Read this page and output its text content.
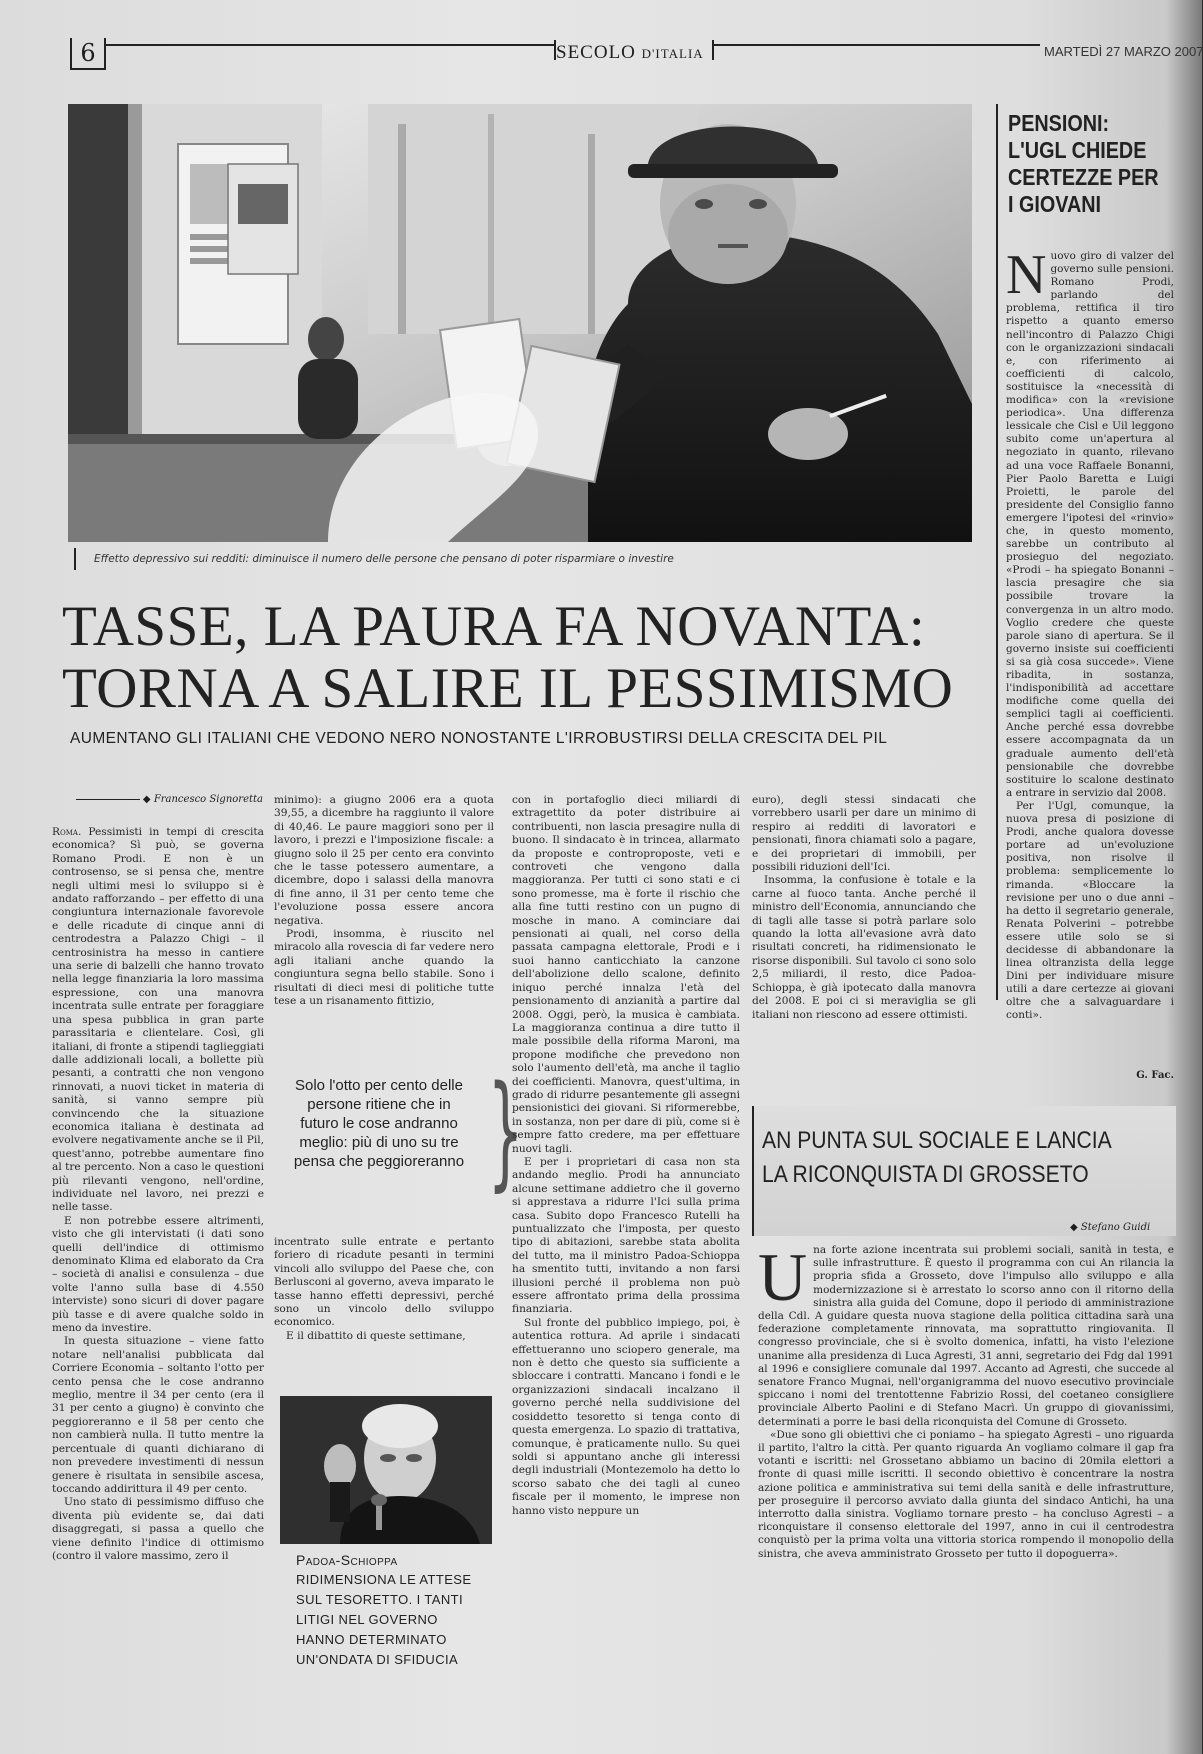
6	SECOLO D'ITALIA	MARTEDÌ 27 MARZO 2007
Effetto depressivo sui redditi: diminuisce il numero delle persone che pensano di poter risparmiare o investire
TASSE, LA PAURA FA NOVANTA:
TORNA A SALIRE IL PESSIMISMO
AUMENTANO GLI ITALIANI CHE VEDONO NERO NONOSTANTE L'IRROBUSTIRSI DELLA CRESCITA DEL PIL
◆ Francesco Signoretta

Roma. Pessimisti in tempi di crescita economica? Sì può, se governa Romano Prodi. E non è un controsenso, se si pensa che, mentre negli ultimi mesi lo sviluppo si è andato rafforzando – per effetto di una congiuntura internazionale favorevole e delle ricadute di cinque anni di centrodestra a Palazzo Chigi – il centrosinistra ha messo in cantiere una serie di balzelli che hanno trovato nella legge finanziaria la loro massima espressione, con una manovra incentrata sulle entrate per foraggiare una spesa pubblica in gran parte parassitaria e clientelare. Così, gli italiani, di fronte a stipendi taglieggiati dalle addizionali locali, a bollette più pesanti, a contratti che non vengono rinnovati, a nuovi ticket in materia di sanità, si vanno sempre più convincendo che la situazione economica italiana è destinata ad evolvere negativamente anche se il Pil, quest'anno, potrebbe aumentare fino al tre percento. Non a caso le questioni più rilevanti vengono, nell'ordine, individuate nel lavoro, nei prezzi e nelle tasse.

E non potrebbe essere altrimenti, visto che gli intervistati (i dati sono quelli dell'indice di ottimismo denominato Klima ed elaborato da Cra – società di analisi e consulenza – due volte l'anno sulla base di 4.550 interviste) sono sicuri di dover pagare più tasse e di avere qualche soldo in meno da investire.

In questa situazione – viene fatto notare nell'analisi pubblicata dal Corriere Economia – soltanto l'otto per cento pensa che le cose andranno meglio, mentre il 34 per cento (era il 31 per cento a giugno) è convinto che peggioreranno e il 58 per cento che non cambierà nulla. Il tutto mentre la percentuale di quanti dichiarano di non prevedere investimenti di nessun genere è risultata in sensibile ascesa, toccando addirittura il 49 per cento.

Uno stato di pessimismo diffuso che diventa più evidente se, dai dati disaggregati, si passa a quello che viene definito l'indice di ottimismo (contro il valore massimo, zero il

minimo): a giugno 2006 era a quota 39,55, a dicembre ha raggiunto il valore di 40,46. Le paure maggiori sono per il lavoro, i prezzi e l'imposizione fiscale: a giugno solo il 25 per cento era convinto che le tasse potessero aumentare, a dicembre, dopo i salassi della manovra di fine anno, il 31 per cento teme che l'evoluzione possa essere ancora negativa.

Prodi, insomma, è riuscito nel miracolo alla rovescia di far vedere nero agli italiani anche quando la congiuntura segna bello stabile. Sono i risultati di dieci mesi di politiche tutte tese a un risanamento fittizio,

Solo l'otto per cento delle persone ritiene che in futuro le cose andranno meglio: più di uno su tre pensa che peggioreranno }

incentrato sulle entrate e pertanto foriero di ricadute pesanti in termini vincoli allo sviluppo del Paese che, con Berlusconi al governo, aveva imparato le tasse hanno effetti depressivi, perché sono un vincolo dello sviluppo economico.

E il dibattito di queste settimane,

Padoa-Schioppa
RIDIMENSIONA LE ATTESE SUL TESORETTO. I TANTI LITIGI NEL GOVERNO HANNO DETERMINATO UN'ONDATA DI SFIDUCIA

con in portafoglio dieci miliardi di extragettito da poter distribuire ai contribuenti, non lascia presagire nulla di buono. Il sindacato è in trincea, allarmato da proposte e controproposte, veti e controveti che vengono dalla maggioranza. Per tutti ci sono stati e ci sono promesse, ma è forte il rischio che alla fine tutti restino con un pugno di mosche in mano. A cominciare dai pensionati ai quali, nel corso della passata campagna elettorale, Prodi e i suoi hanno canticchiato la canzone dell'abolizione dello scalone, definito iniquo perché innalza l'età del pensionamento di anzianità a partire dal 2008. Oggi, però, la musica è cambiata. La maggioranza continua a dire tutto il male possibile della riforma Maroni, ma propone modifiche che prevedono non solo l'aumento dell'età, ma anche il taglio dei coefficienti. Manovra, quest'ultima, in grado di ridurre pesantemente gli assegni pensionistici dei giovani. Si riformerebbe, in sostanza, non per dare di più, come si è sempre fatto credere, ma per effettuare nuovi tagli.

E per i proprietari di casa non sta andando meglio. Prodi ha annunciato alcune settimane addietro che il governo si apprestava a ridurre l'Ici sulla prima casa. Subito dopo Francesco Rutelli ha puntualizzato che l'imposta, per questo tipo di abitazioni, sarebbe stata abolita del tutto, ma il ministro Padoa-Schioppa ha smentito tutti, invitando a non farsi illusioni perché il problema non può essere affrontato prima della prossima finanziaria.

Sul fronte del pubblico impiego, poi, è autentica rottura. Ad aprile i sindacati effettueranno uno sciopero generale, ma non è detto che questo sia sufficiente a sbloccare i contratti. Mancano i fondi e le organizzazioni sindacali incalzano il governo perché nella suddivisione del cosiddetto tesoretto si tenga conto di questa emergenza. Lo spazio di trattativa, comunque, è praticamente nullo. Su quei soldi si appuntano anche gli interessi degli industriali (Montezemolo ha detto lo scorso sabato che dei tagli al cuneo fiscale per il momento, le imprese non hanno visto neppure un

euro), degli stessi sindacati che vorrebbero usarli per dare un minimo di respiro ai redditi di lavoratori e pensionati, finora chiamati solo a pagare, e dei proprietari di immobili, per possibili riduzioni dell'Ici.

Insomma, la confusione è totale e la carne al fuoco tanta. Anche perché il ministro dell'Economia, annunciando che di tagli alle tasse si potrà parlare solo quando la lotta all'evasione avrà dato risultati concreti, ha ridimensionato le risorse disponibili. Sul tavolo ci sono solo 2,5 miliardi, il resto, dice Padoa-Schioppa, è già ipotecato dalla manovra del 2008. E poi ci si meraviglia se gli italiani non riescono ad essere ottimisti.

PENSIONI: L'UGL CHIEDE CERTEZZE PER I GIOVANI

Nuovo giro di valzer del governo sulle pensioni. Romano Prodi, parlando del problema, rettifica il tiro rispetto a quanto emerso nell'incontro di Palazzo Chigi con le organizzazioni sindacali e, con riferimento ai coefficienti di calcolo, sostituisce la «necessità di modifica» con la «revisione periodica». Una differenza lessicale che Cisl e Uil leggono subito come un'apertura al negoziato in quanto, rilevano ad una voce Raffaele Bonanni, Pier Paolo Baretta e Luigi Proietti, le parole del presidente del Consiglio fanno emergere l'ipotesi del «rinvio» che, in questo momento, sarebbe un contributo al prosieguo del negoziato. «Prodi – ha spiegato Bonanni – lascia presagire che sia possibile trovare la convergenza in un altro modo. Voglio credere che queste parole siano di apertura. Se il governo insiste sui coefficienti si sa già cosa succede». Viene ribadita, in sostanza, l'indisponibilità ad accettare modifiche come quella dei semplici tagli ai coefficienti. Anche perché essa dovrebbe essere accompagnata da un graduale aumento dell'età pensionabile che dovrebbe sostituire lo scalone destinato a entrare in servizio dal 2008.

Per l'Ugl, comunque, la nuova presa di posizione di Prodi, anche qualora dovesse portare ad un'evoluzione positiva, non risolve il problema: semplicemente lo rimanda. «Bloccare la revisione per uno o due anni – ha detto il segretario generale, Renata Polverini – potrebbe essere utile solo se si decidesse di abbandonare la linea oltranzista della legge Dini per individuare misure utili a dare certezze ai giovani oltre che a salvaguardare i conti».

G. Fac.
AN PUNTA SUL SOCIALE E LANCIA
LA RICONQUISTA DI GROSSETO
◆ Stefano Guidi

Una forte azione incentrata sui problemi sociali, sanità in testa, e sulle infrastrutture. È questo il programma con cui An rilancia la propria sfida a Grosseto, dove l'impulso allo sviluppo e alla modernizzazione si è arrestato lo scorso anno con il ritorno della sinistra alla guida del Comune, dopo il periodo di amministrazione della Cdl. A guidare questa nuova stagione della politica cittadina sarà una federazione completamente rinnovata, ma soprattutto ringiovanita. Il congresso provinciale, che si è svolto domenica, infatti, ha visto l'elezione unanime alla presidenza di Luca Agresti, 31 anni, segretario dei Fdg dal 1991 al 1996 e consigliere comunale dal 1997. Accanto ad Agresti, che succede al senatore Franco Mugnai, nell'organigramma del nuovo esecutivo provinciale spiccano i nomi del trentottenne Fabrizio Rossi, del coetaneo consigliere provinciale Alberto Paolini e di Stefano Macrì. Un gruppo di giovanissimi, determinati a porre le basi della riconquista del Comune di Grosseto.

«Due sono gli obiettivi che ci poniamo – ha spiegato Agresti – uno riguarda il partito, l'altro la città. Per quanto riguarda An vogliamo colmare il gap fra votanti e iscritti: nel Grossetano abbiamo un bacino di 20mila elettori a fronte di quasi mille iscritti. Il secondo obiettivo è concentrare la nostra azione politica e amministrativa sui temi della sanità e delle infrastrutture, per proseguire il percorso avviato dalla giunta del sindaco Antichi, ha una interrotto dalla sinistra. Vogliamo tornare presto – ha concluso Agresti – a riconquistare il consenso elettorale del 1997, anno in cui il centrodestra conquistò per la prima volta una vittoria storica rompendo il monopolio della sinistra, che aveva amministrato Grosseto per tutto il dopoguerra».
